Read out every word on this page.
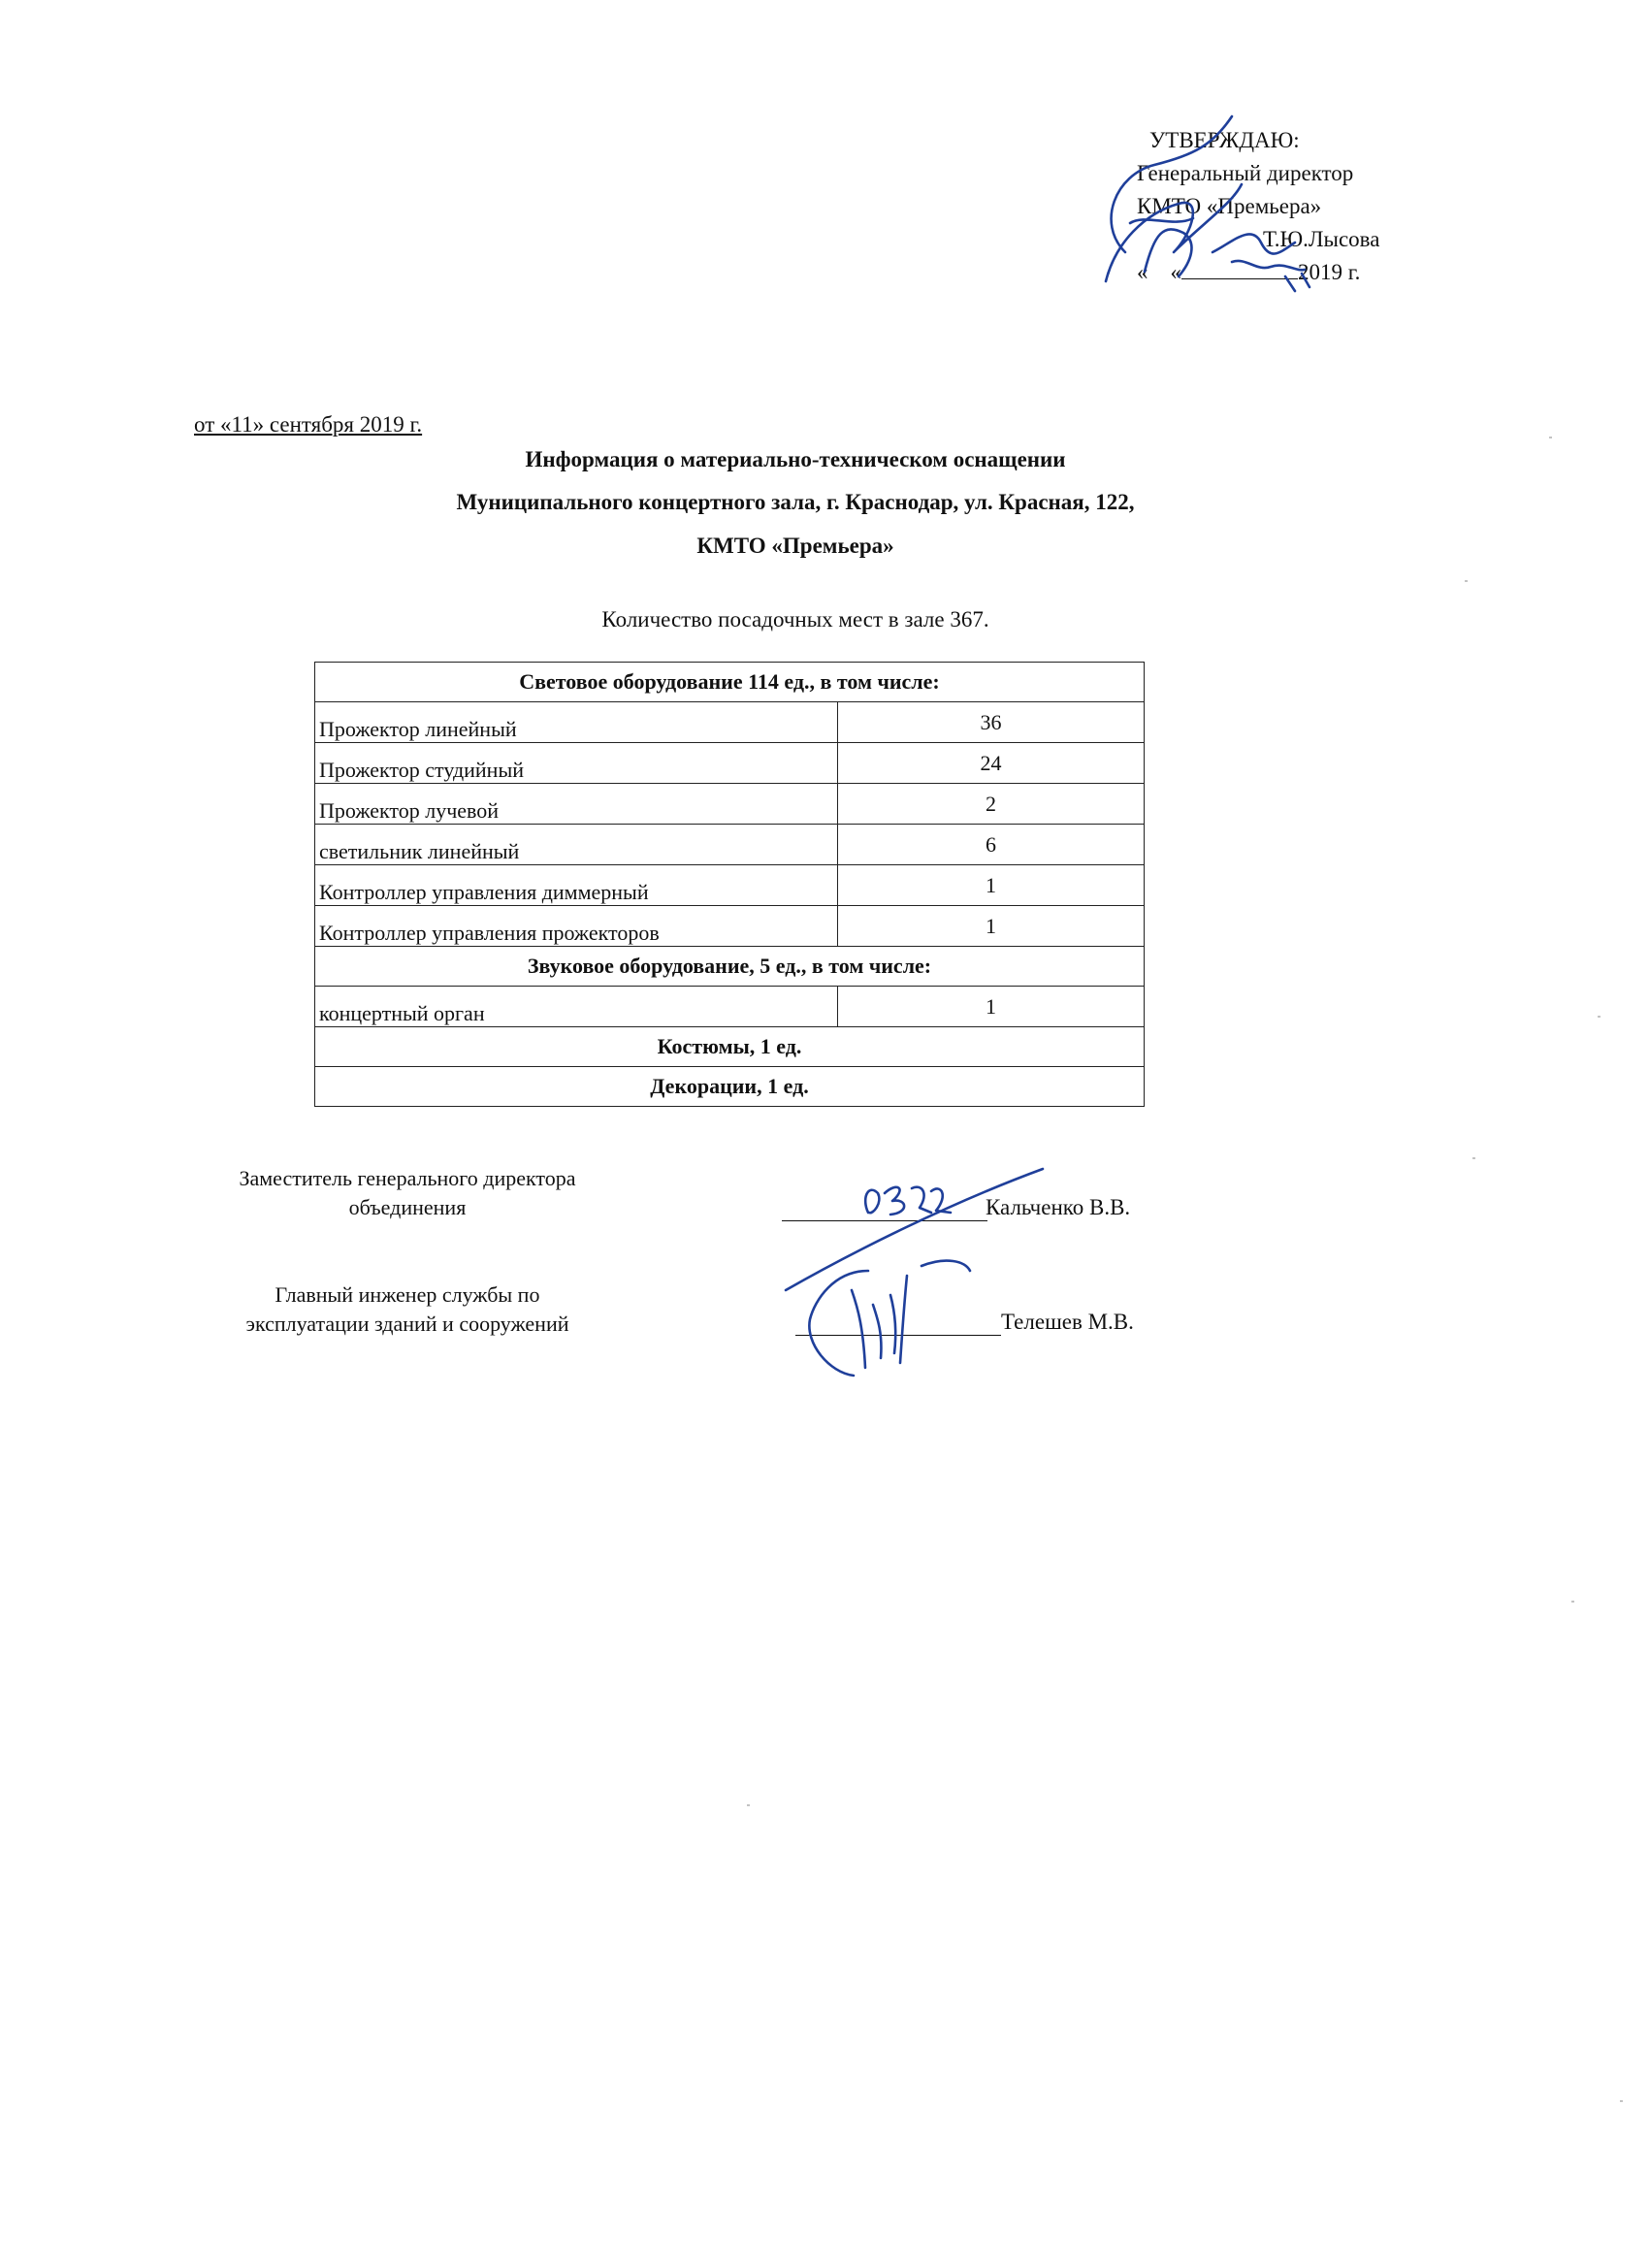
УТВЕРЖДАЮ:
Генеральный директор
КМТО «Премьера»
Т.Ю.Лысова
« «	2019 г.
от «11» сентября 2019 г.
Информация о материально-техническом оснащении
Муниципального концертного зала, г. Краснодар, ул. Красная, 122,
КМТО «Премьера»
Количество посадочных мест в зале 367.
Световое оборудование 114 ед., в том числе:	
Прожектор линейный	36
Прожектор студийный	24
Прожектор лучевой	2
светильник линейный	6
Контроллер управления диммерный	1
Контроллер управления прожекторов	1
Звуковое оборудование, 5 ед., в том числе:	
концертный орган	1
Костюмы, 1 ед.	
Декорации, 1 ед.	
Заместитель генерального директора
объединения	Кальченко В.В.
Главный инженер службы по
эксплуатации зданий и сооружений	Телешев М.В.
